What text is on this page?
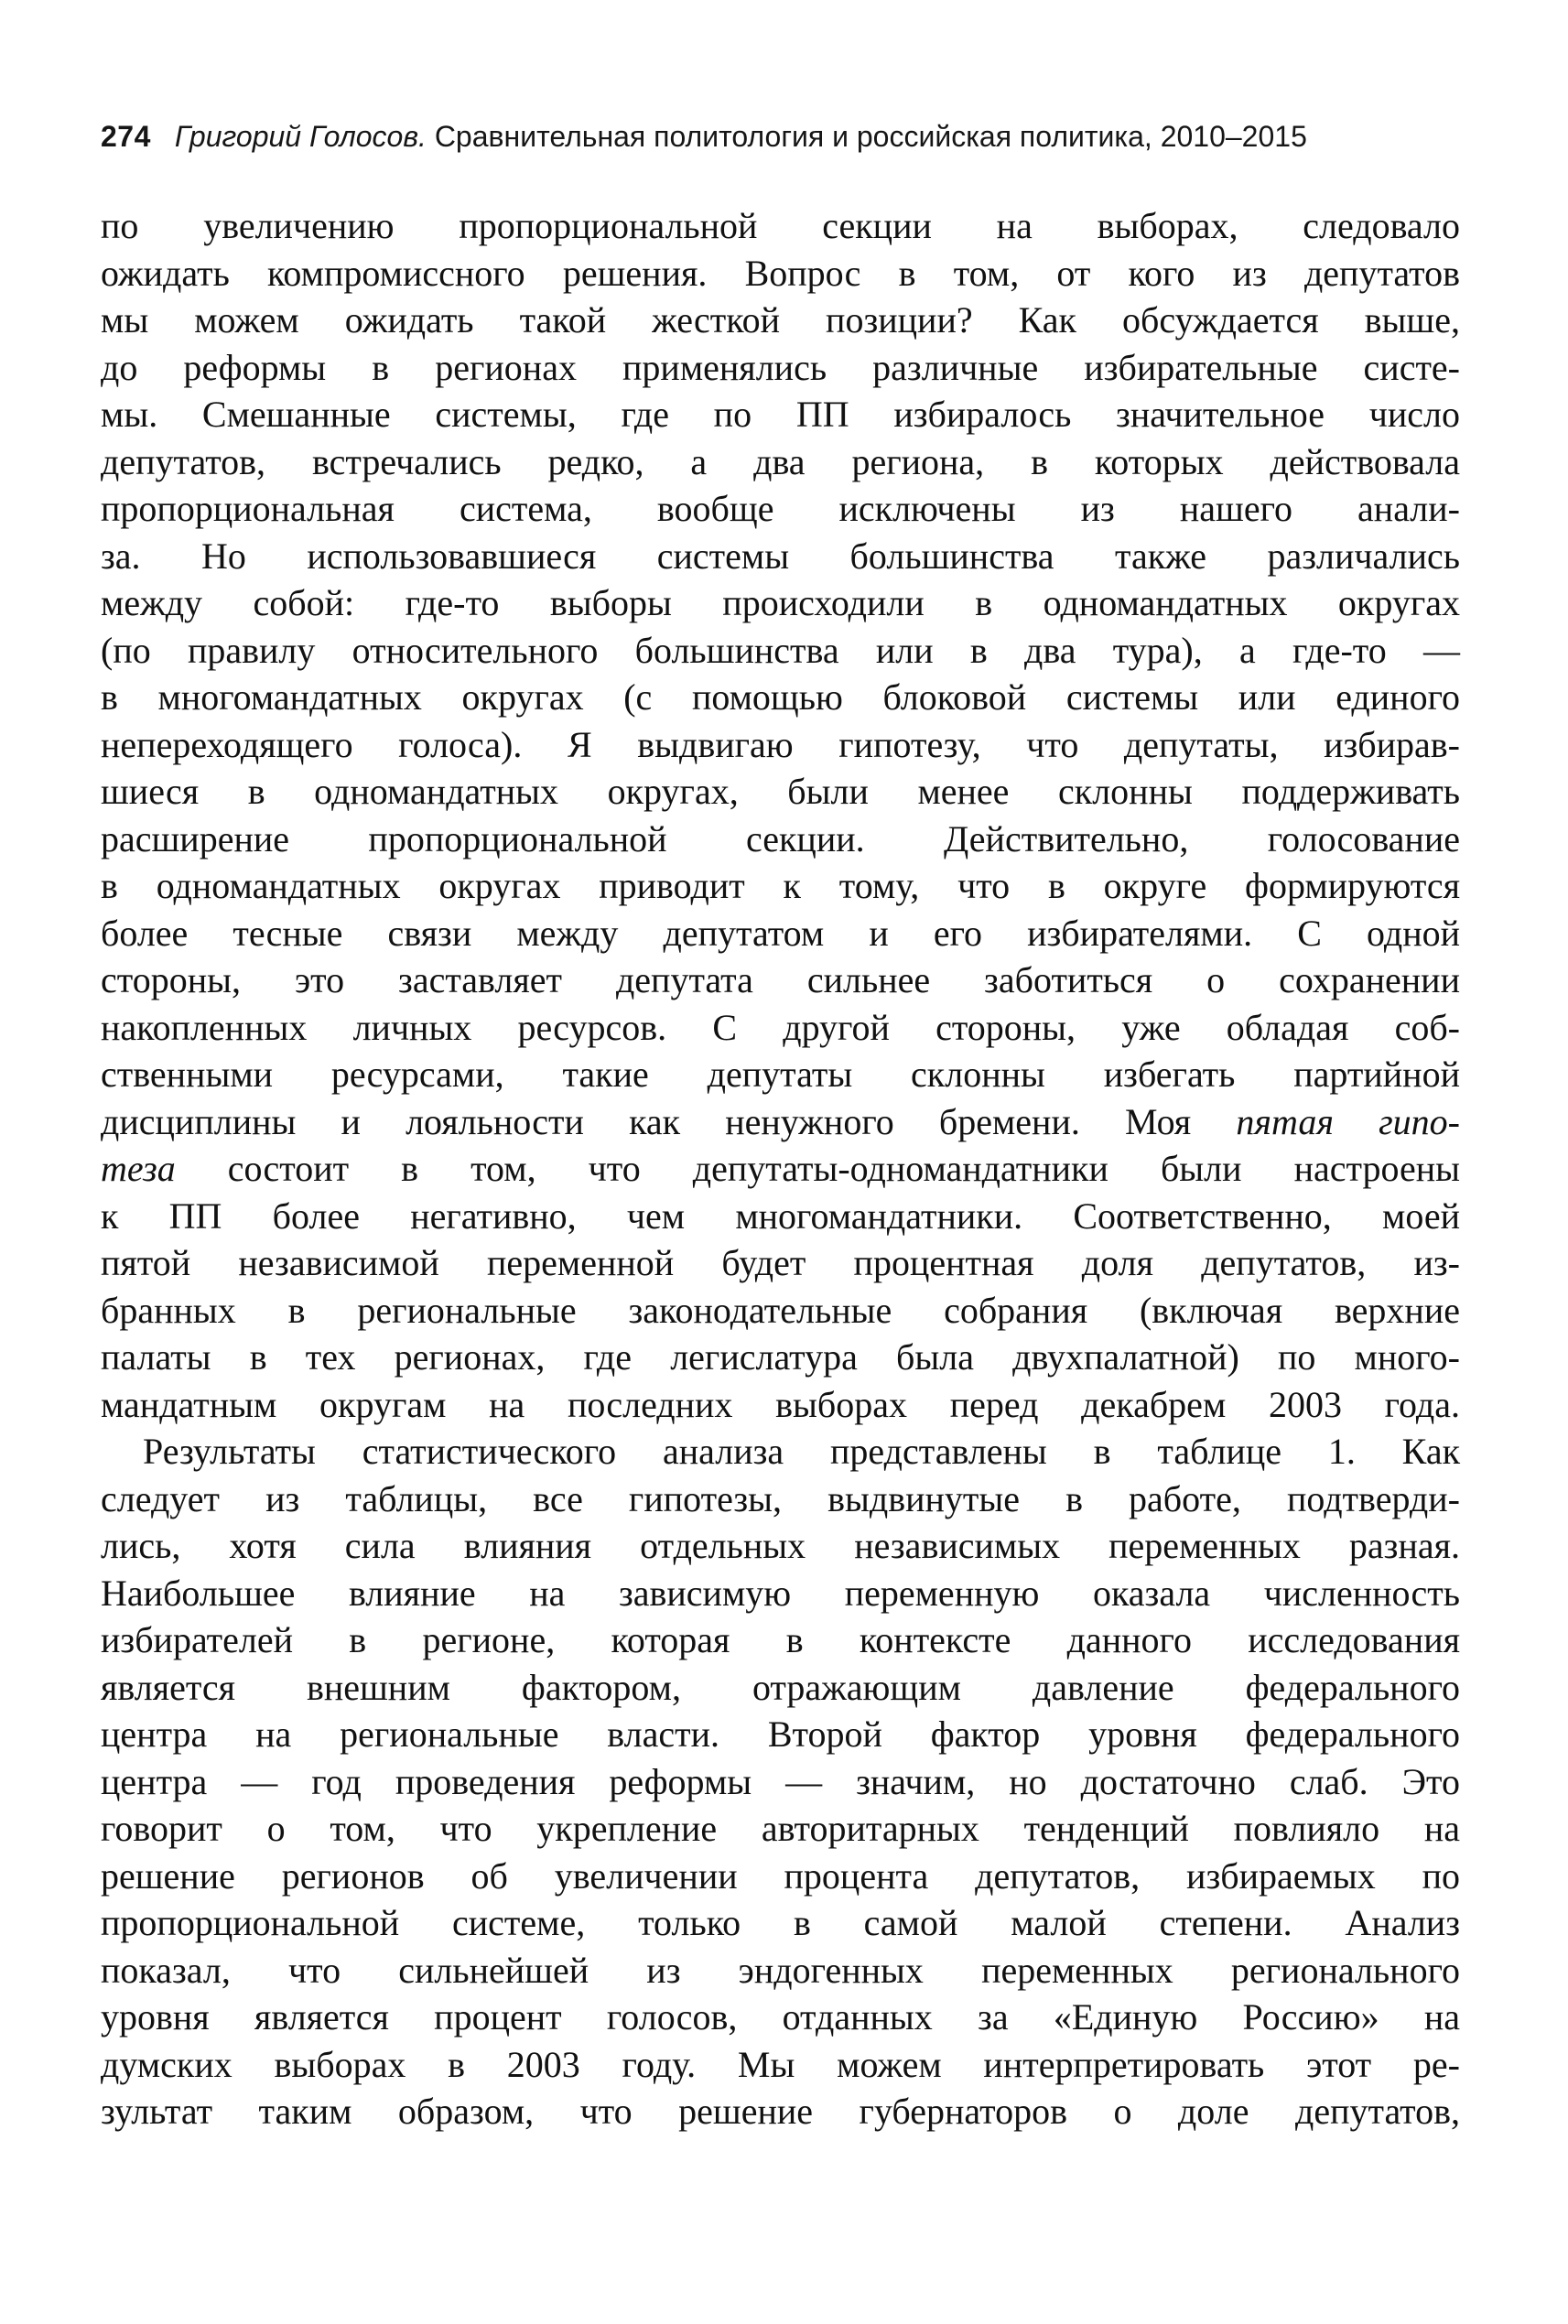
274 Григорий Голосов. Сравнительная политология и российская политика, 2010–2015
по увеличению пропорциональной секции на выборах, следовало
ожидать компромиссного решения. Вопрос в том, от кого из депутатов
мы можем ожидать такой жесткой позиции? Как обсуждается выше,
до реформы в регионах применялись различные избирательные систе-
мы. Смешанные системы, где по ПП избиралось значительное число
депутатов, встречались редко, а два региона, в которых действовала
пропорциональная система, вообще исключены из нашего анали-
за. Но использовавшиеся системы большинства также различались
между собой: где-то выборы происходили в одномандатных округах
(по правилу относительного большинства или в два тура), а где-то —
в многомандатных округах (с помощью блоковой системы или единого
непереходящего голоса). Я выдвигаю гипотезу, что депутаты, избирав-
шиеся в одномандатных округах, были менее склонны поддерживать
расширение пропорциональной секции. Действительно, голосование
в одномандатных округах приводит к тому, что в округе формируются
более тесные связи между депутатом и его избирателями. С одной
стороны, это заставляет депутата сильнее заботиться о сохранении
накопленных личных ресурсов. С другой стороны, уже обладая соб-
ственными ресурсами, такие депутаты склонны избегать партийной
дисциплины и лояльности как ненужного бремени. Моя пятая гипо-
теза состоит в том, что депутаты-одномандатники были настроены
к ПП более негативно, чем многомандатники. Соответственно, моей
пятой независимой переменной будет процентная доля депутатов, из-
бранных в региональные законодательные собрания (включая верхние
палаты в тех регионах, где легислатура была двухпалатной) по много-
мандатным округам на последних выборах перед декабрем 2003 года.
Результаты статистического анализа представлены в таблице 1. Как
следует из таблицы, все гипотезы, выдвинутые в работе, подтверди-
лись, хотя сила влияния отдельных независимых переменных разная.
Наибольшее влияние на зависимую переменную оказала численность
избирателей в регионе, которая в контексте данного исследования
является внешним фактором, отражающим давление федерального
центра на региональные власти. Второй фактор уровня федерального
центра — год проведения реформы — значим, но достаточно слаб. Это
говорит о том, что укрепление авторитарных тенденций повлияло на
решение регионов об увеличении процента депутатов, избираемых по
пропорциональной системе, только в самой малой степени. Анализ
показал, что сильнейшей из эндогенных переменных регионального
уровня является процент голосов, отданных за «Единую Россию» на
думских выборах в 2003 году. Мы можем интерпретировать этот ре-
зультат таким образом, что решение губернаторов о доле депутатов,
